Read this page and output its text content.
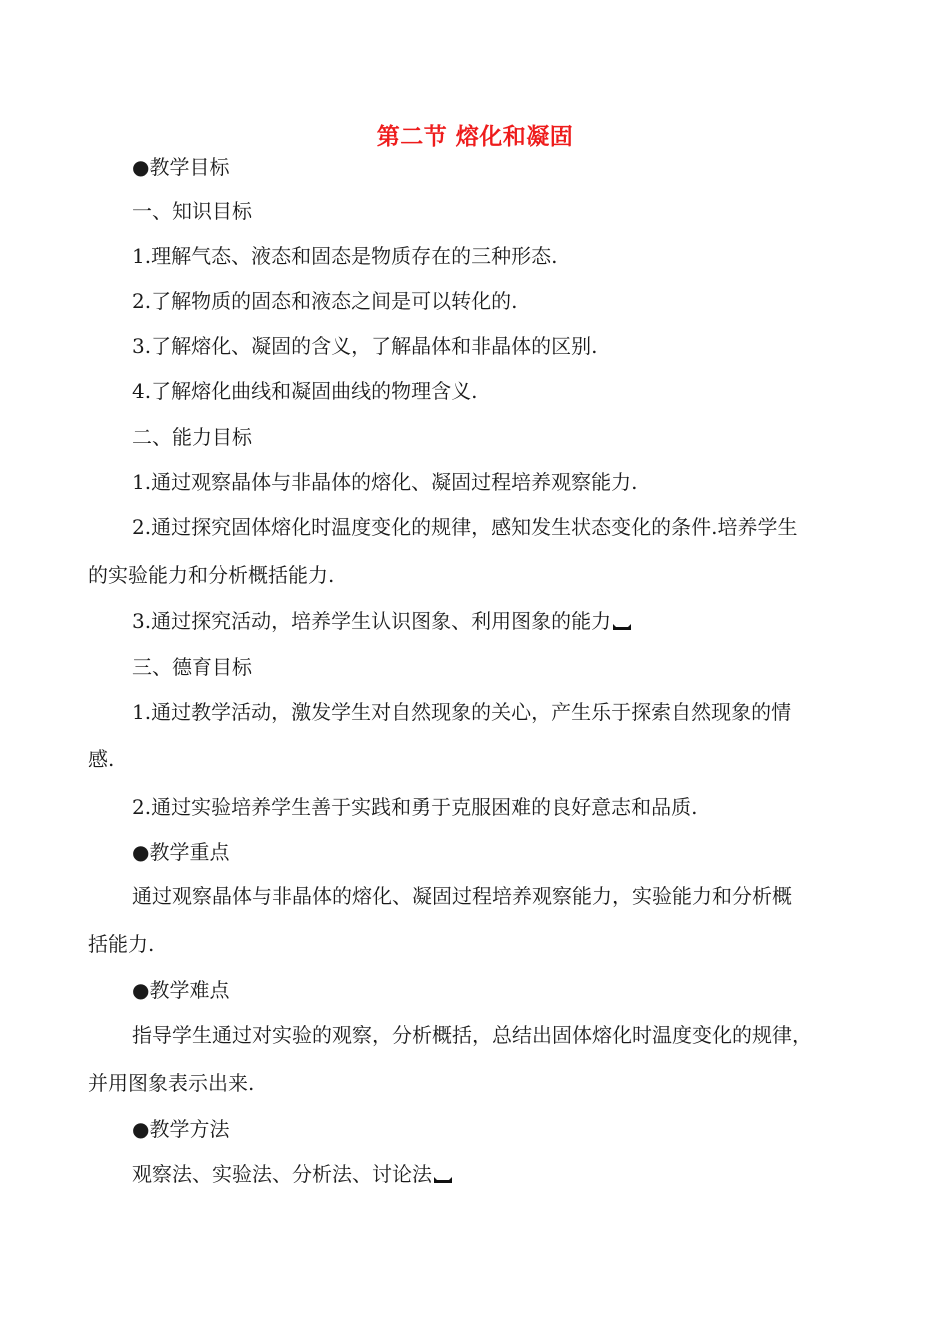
第二节 熔化和凝固
●教学目标
一、知识目标
1.理解气态、液态和固态是物质存在的三种形态.
2.了解物质的固态和液态之间是可以转化的.
3.了解熔化、凝固的含义，了解晶体和非晶体的区别.
4.了解熔化曲线和凝固曲线的物理含义.
二、能力目标
1.通过观察晶体与非晶体的熔化、凝固过程培养观察能力.
2.通过探究固体熔化时温度变化的规律，感知发生状态变化的条件.培养学生
的实验能力和分析概括能力.
3.通过探究活动，培养学生认识图象、利用图象的能力
三、德育目标
1.通过教学活动，激发学生对自然现象的关心，产生乐于探索自然现象的情
感.
2.通过实验培养学生善于实践和勇于克服困难的良好意志和品质.
●教学重点
通过观察晶体与非晶体的熔化、凝固过程培养观察能力，实验能力和分析概
括能力.
●教学难点
指导学生通过对实验的观察，分析概括，总结出固体熔化时温度变化的规律，
并用图象表示出来.
●教学方法
观察法、实验法、分析法、讨论法
